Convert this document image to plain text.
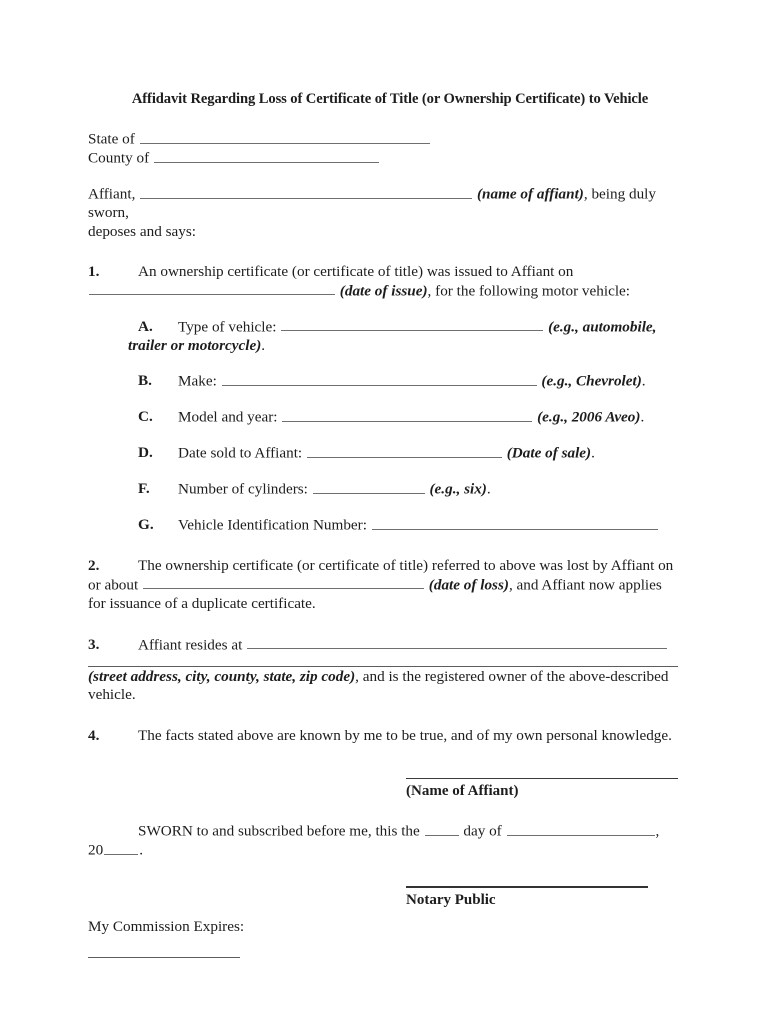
Affidavit Regarding Loss of Certificate of Title (or Ownership Certificate) to Vehicle
State of
County of
Affiant,	(name of affiant), being duly sworn,
deposes and says:
1.	An ownership certificate (or certificate of title) was issued to Affiant on
(date of issue), for the following motor vehicle:
A.	Type of vehicle:	(e.g., automobile,
trailer or motorcycle).
B.	Make:	(e.g., Chevrolet).
C.	Model and year:	(e.g., 2006 Aveo).
D.	Date sold to Affiant:	(Date of sale).
F.	Number of cylinders:	(e.g., six).
G.	Vehicle Identification Number:
2.	The ownership certificate (or certificate of title) referred to above was lost by Affiant on
or about	(date of loss), and Affiant now applies
for issuance of a duplicate certificate.
3.	Affiant resides at
(street address, city, county, state, zip code), and is the registered owner of the above-described
vehicle.
4.	The facts stated above are known by me to be true, and of my own personal knowledge.
(Name of Affiant)
SWORN to and subscribed before me, this the	day of	,
20 .
Notary Public
My Commission Expires:
